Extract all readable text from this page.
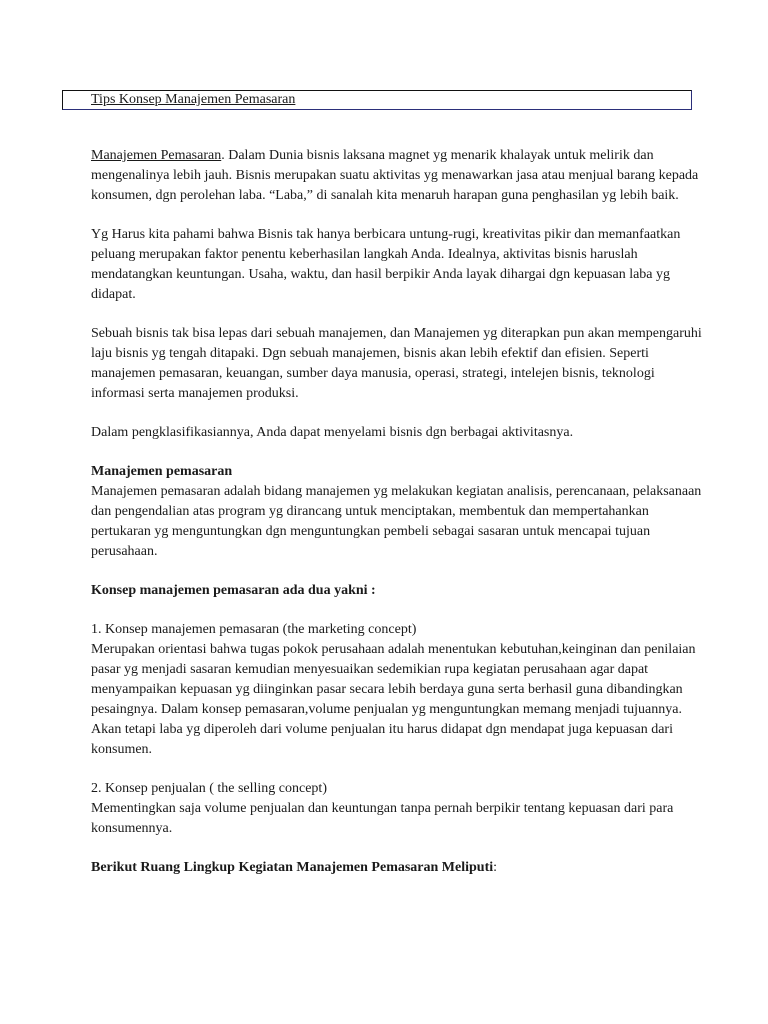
Tips Konsep Manajemen Pemasaran

Manajemen Pemasaran. Dalam Dunia bisnis laksana magnet yg menarik khalayak untuk melirik dan mengenalinya lebih jauh. Bisnis merupakan suatu aktivitas yg menawarkan jasa atau menjual barang kepada konsumen, dgn perolehan laba. “Laba,” di sanalah kita menaruh harapan guna penghasilan yg lebih baik.

Yg Harus kita pahami bahwa Bisnis tak hanya berbicara untung-rugi, kreativitas pikir dan memanfaatkan peluang merupakan faktor penentu keberhasilan langkah Anda. Idealnya, aktivitas bisnis haruslah mendatangkan keuntungan. Usaha, waktu, dan hasil berpikir Anda layak dihargai dgn kepuasan laba yg didapat.

Sebuah bisnis tak bisa lepas dari sebuah manajemen, dan Manajemen yg diterapkan pun akan mempengaruhi laju bisnis yg tengah ditapaki. Dgn sebuah manajemen, bisnis akan lebih efektif dan efisien. Seperti manajemen pemasaran, keuangan, sumber daya manusia, operasi, strategi, intelejen bisnis, teknologi informasi serta manajemen produksi.

Dalam pengklasifikasiannya, Anda dapat menyelami bisnis dgn berbagai aktivitasnya.

Manajemen pemasaran
Manajemen pemasaran adalah bidang manajemen yg melakukan kegiatan analisis, perencanaan, pelaksanaan dan pengendalian atas program yg dirancang untuk menciptakan, membentuk dan mempertahankan pertukaran yg menguntungkan dgn menguntungkan pembeli sebagai sasaran untuk mencapai tujuan perusahaan.

Konsep manajemen pemasaran ada dua yakni :

1. Konsep manajemen pemasaran (the marketing concept)
Merupakan orientasi bahwa tugas pokok perusahaan adalah menentukan kebutuhan,keinginan dan penilaian pasar yg menjadi sasaran kemudian menyesuaikan sedemikian rupa kegiatan perusahaan agar dapat menyampaikan kepuasan yg diinginkan pasar secara lebih berdaya guna serta berhasil guna dibandingkan pesaingnya. Dalam konsep pemasaran,volume penjualan yg menguntungkan memang menjadi tujuannya. Akan tetapi laba yg diperoleh dari volume penjualan itu harus didapat dgn mendapat juga kepuasan dari konsumen.

2. Konsep penjualan ( the selling concept)
Mementingkan saja volume penjualan dan keuntungan tanpa pernah berpikir tentang kepuasan dari para konsumennya.

Berikut Ruang Lingkup Kegiatan Manajemen Pemasaran Meliputi:
